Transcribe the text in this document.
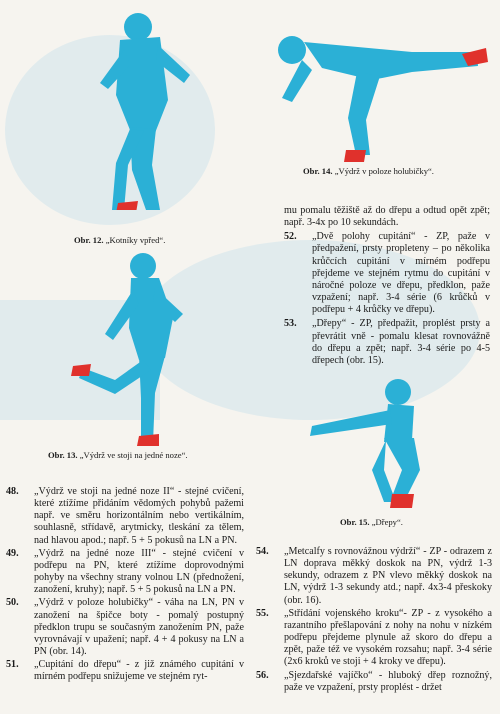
Obr. 12. „Kotníky vpřed“.
Obr. 14. „Výdrž v poloze holubičky“.
Obr. 13. „Výdrž ve stoji na jedné noze“.
Obr. 15. „Dřepy“.

mu pomalu těžiště až do dřepu a odtud opět zpět; např. 3-4x po 10 sekundách.

52. „Dvě polohy cupitání“ - ZP, paže v předpažení, prsty propleteny – po několika krůčcích cupitání v mírném podřepu přejdeme ve stejném rytmu do cupitání v náročné poloze ve dřepu, předklon, paže vzpažení; např. 3-4 série (6 krůčků v podřepu + 4 krůčky ve dřepu).

53. „Dřepy“ - ZP, předpažit, proplést prsty a převrátit vně - pomalu klesat rovnovážně do dřepu a zpět; např. 3-4 série po 4-5 dřepech (obr. 15).

48. „Výdrž ve stoji na jedné noze II“ - stejné cvičení, které ztížíme přidáním vědomých pohybů pažemi např. ve směru horizontálním nebo vertikálním, souhlasně, střídavě, arytmicky, tleskání za tělem, nad hlavou apod.; např. 5 + 5 pokusů na LN a PN.

49. „Výdrž na jedné noze III“ - stejné cvičení v podřepu na PN, které ztížíme doprovodnými pohyby na všechny strany volnou LN (přednožení, zanožení, kruhy); např. 5 + 5 pokusů na LN a PN.

50. „Výdrž v poloze holubičky“ - váha na LN, PN v zanožení na špičce boty - pomalý postupný předklon trupu se současným zanožením PN, paže vyrovnávají v upažení; např. 4 + 4 pokusy na LN a PN (obr. 14).

51. „Cupitání do dřepu“ - z již známého cupitání v mírném podřepu snižujeme ve stejném ryt-

54. „Metcalfy s rovnovážnou výdrží“ - ZP - odrazem z LN doprava měkký doskok na PN, výdrž 1-3 sekundy, odrazem z PN vlevo měkký doskok na LN, výdrž 1-3 sekundy atd.; např. 4x3-4 přeskoky (obr. 16).

55. „Střídání vojenského kroku“- ZP - z vysokého a razantního přešlapování z nohy na nohu v nízkém podřepu přejdeme plynule až skoro do dřepu a zpět, paže též ve vysokém rozsahu; např. 3-4 série (2x6 kroků ve stoji + 4 kroky ve dřepu).

56. „Sjezdařské vajíčko“ - hluboký dřep roznožný, paže ve vzpažení, prsty proplést - držet
